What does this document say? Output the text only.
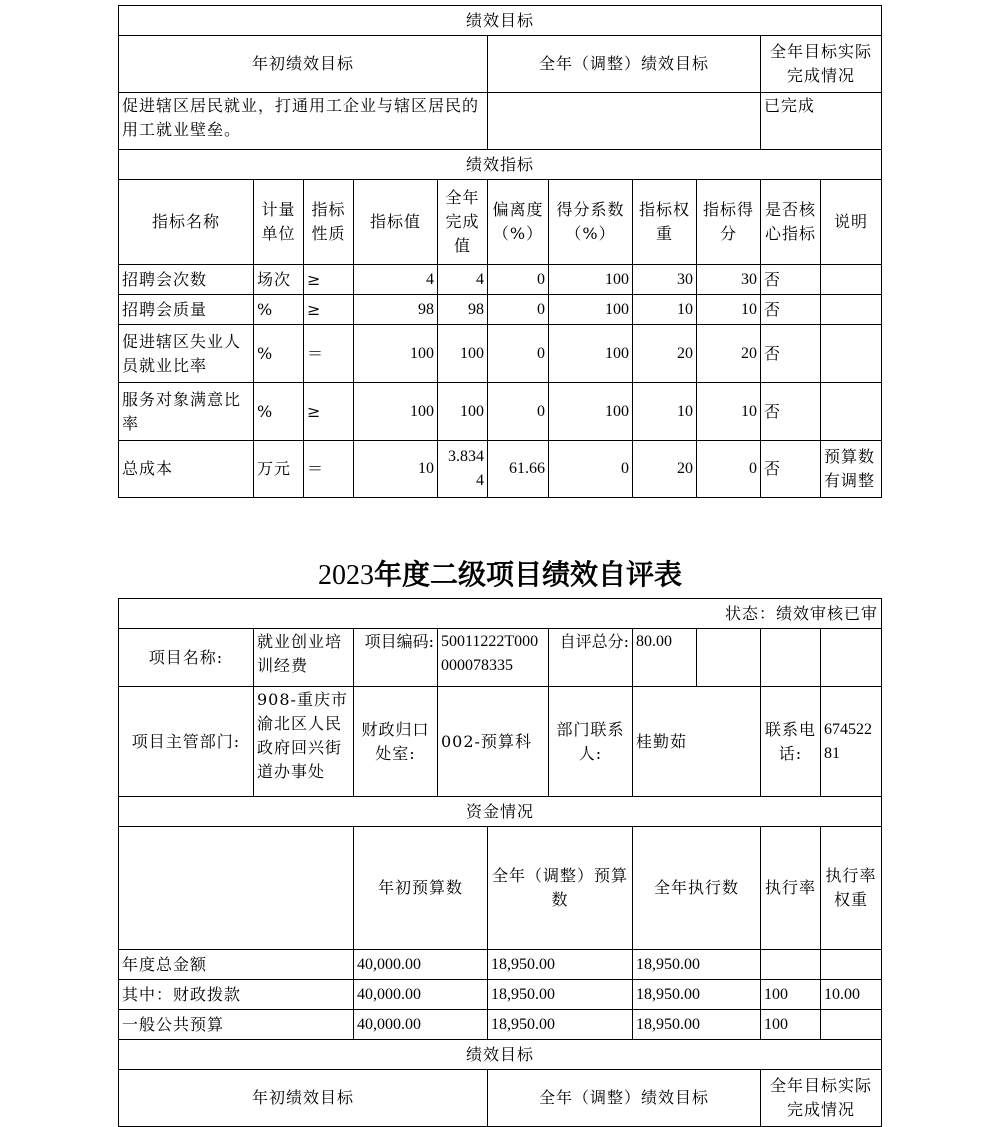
绩效目标										
年初绩效目标					全年（调整）绩效目标				全年目标实际完成情况	
促进辖区居民就业，打通用工企业与辖区居民的用工就业壁垒。									已完成	
绩效指标										
指标名称	计量单位	指标性质	指标值	全年完成值	偏离度（%）	得分系数（%）	指标权重	指标得分	是否核心指标	说明
招聘会次数	场次	≥	4	4	0	100	30	30	否	
招聘会质量	%	≥	98	98	0	100	10	10	否	
促进辖区失业人员就业比率	%	＝	100	100	0	100	20	20	否	
服务对象满意比率	%	≥	100	100	0	100	10	10	否	
总成本	万元	＝	10	3.8344	61.66	0	20	0	否	预算数有调整
2023年度二级项目绩效自评表
状态：绩效审核已审										
项目名称:	就业创业培训经费	项目编码:	50011222T000000078335		自评总分:	80.00				
项目主管部门:	908-重庆市渝北区人民政府回兴街道办事处	财政归口处室:	002-预算科		部门联系人:	桂勤茹		联系电话:	67452281	
资金情况										
		年初预算数		全年（调整）预算数		全年执行数		执行率	执行率权重	
年度总金额		40,000.00		18,950.00		18,950.00				
其中：财政拨款		40,000.00		18,950.00		18,950.00		100	10.00	
一般公共预算		40,000.00		18,950.00		18,950.00		100		
绩效目标										
年初绩效目标				全年（调整）绩效目标				全年目标实际完成情况		
